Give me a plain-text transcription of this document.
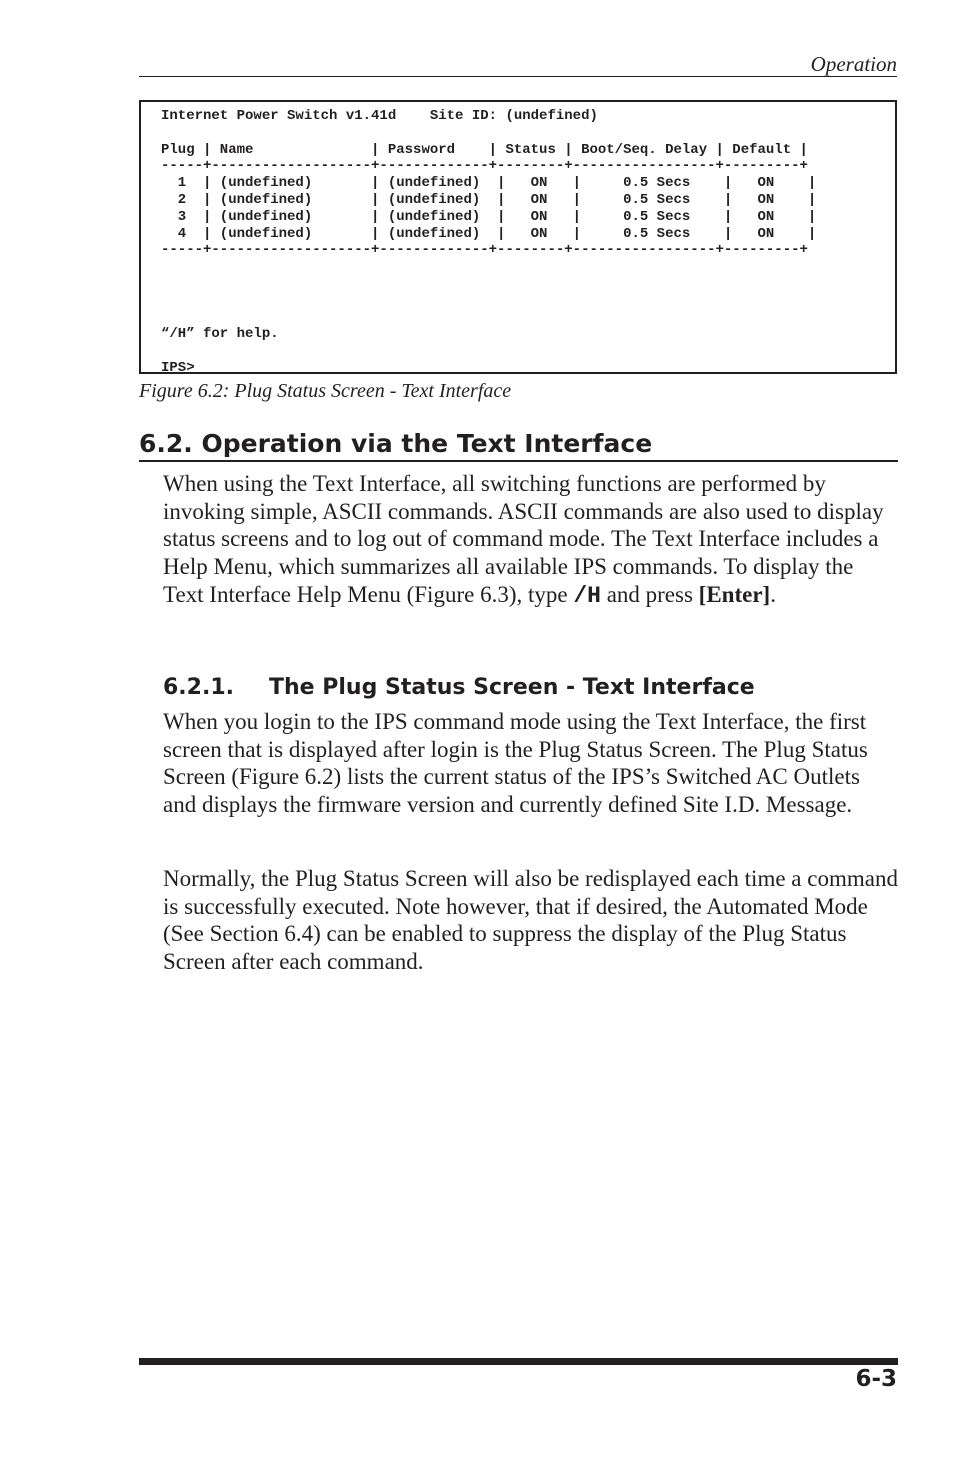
Operation
Internet Power Switch v1.41d    Site ID: (undefined)

Plug | Name              | Password    | Status | Boot/Seq. Delay | Default |
-----+-------------------+-------------+--------+-----------------+---------+
1  | (undefined)       | (undefined)  |   ON   |     0.5 Secs    |   ON    |
2  | (undefined)       | (undefined)  |   ON   |     0.5 Secs    |   ON    |
3  | (undefined)       | (undefined)  |   ON   |     0.5 Secs    |   ON    |
4  | (undefined)       | (undefined)  |   ON   |     0.5 Secs    |   ON    |
-----+-------------------+-------------+--------+-----------------+---------+

“/H” for help.

IPS>
Figure 6.2: Plug Status Screen - Text Interface
6.2. Operation via the Text Interface

When using the Text Interface, all switching functions are performed by invoking simple, ASCII commands. ASCII commands are also used to display status screens and to log out of command mode. The Text Interface includes a Help Menu, which summarizes all available IPS commands. To display the Text Interface Help Menu (Figure 6.3), type /H and press [Enter].

6.2.1. The Plug Status Screen - Text Interface

When you login to the IPS command mode using the Text Interface, the first screen that is displayed after login is the Plug Status Screen. The Plug Status Screen (Figure 6.2) lists the current status of the IPS’s Switched AC Outlets and displays the firmware version and currently defined Site I.D. Message.

Normally, the Plug Status Screen will also be redisplayed each time a command is successfully executed. Note however, that if desired, the Automated Mode (See Section 6.4) can be enabled to suppress the display of the Plug Status Screen after each command.

6-3
